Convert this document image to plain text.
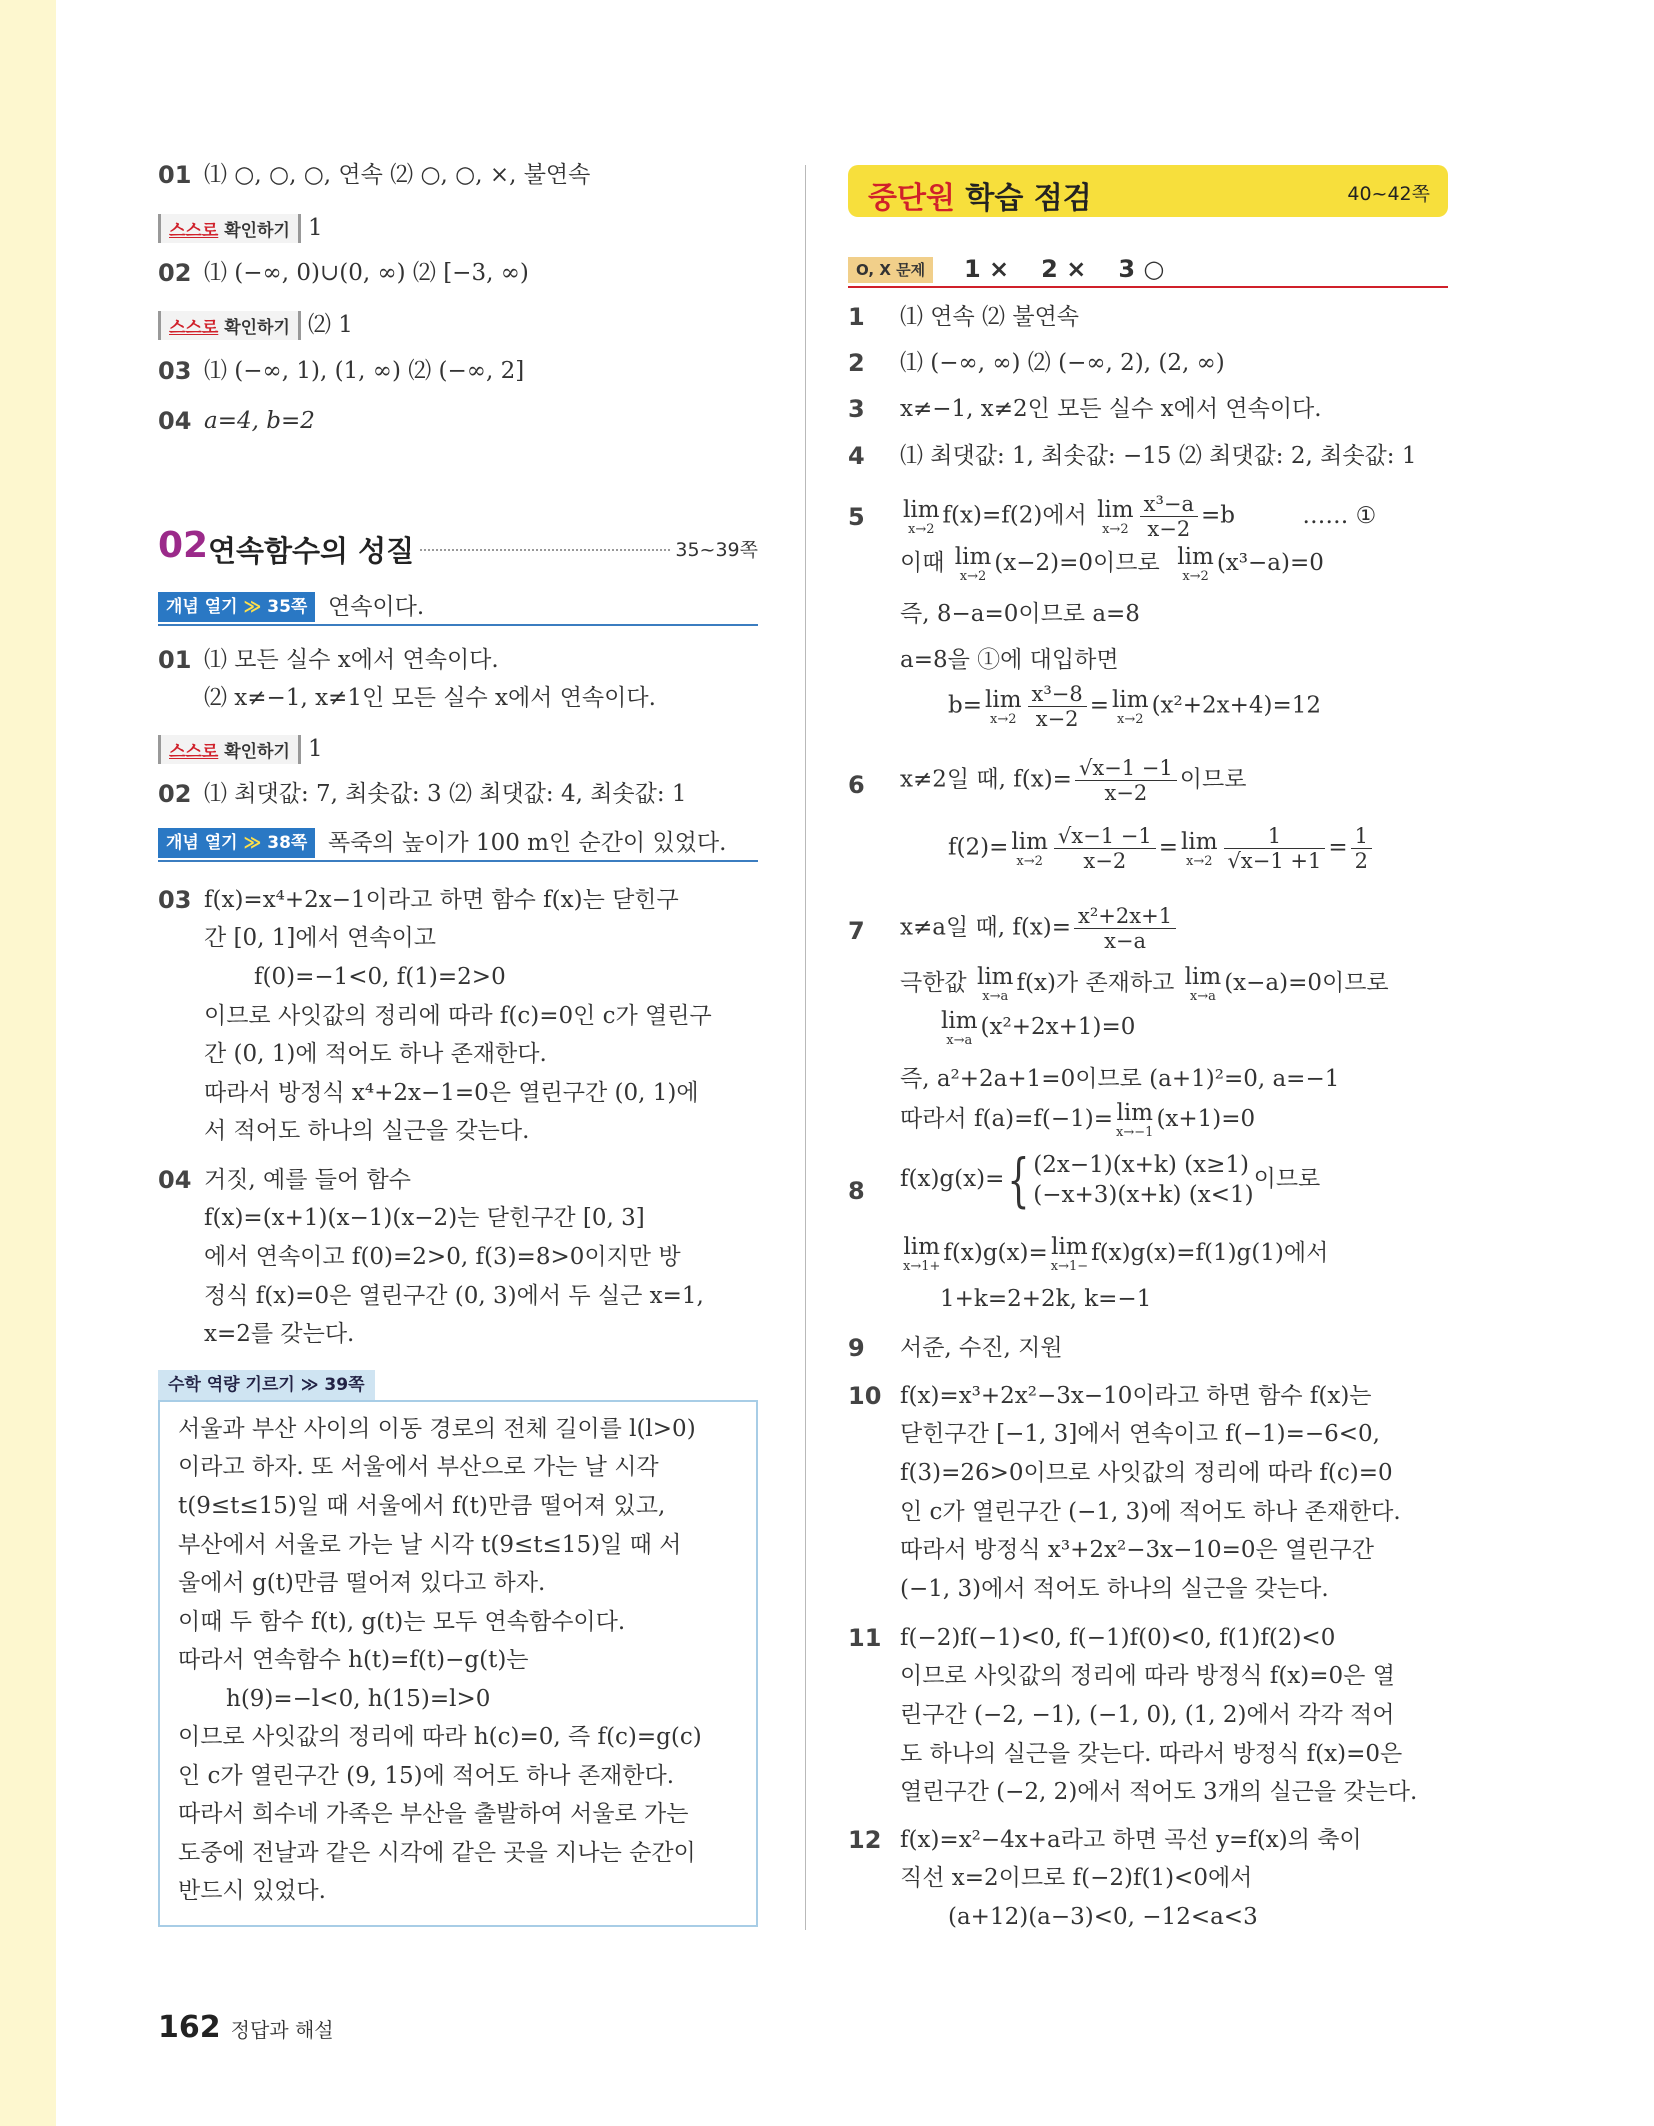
01 ⑴ ○, ○, ○, 연속 ⑵ ○, ○, ×, 불연속
스스로 확인하기 1
02 ⑴ (−∞, 0)∪(0, ∞) ⑵ [−3, ∞)
스스로 확인하기 ⑵ 1
03 ⑴ (−∞, 1), (1, ∞) ⑵ (−∞, 2]
04 a=4, b=2
02 연속함수의 성질	35~39쪽
개념 열기 ≫ 35쪽 연속이다.
01 ⑴ 모든 실수 x에서 연속이다.
⑵ x≠−1, x≠1인 모든 실수 x에서 연속이다.
스스로 확인하기 1
02 ⑴ 최댓값: 7, 최솟값: 3 ⑵ 최댓값: 4, 최솟값: 1
개념 열기 ≫ 38쪽 폭죽의 높이가 100 m인 순간이 있었다.
03 f(x)=x⁴+2x−1이라고 하면 함수 f(x)는 닫힌구
간 [0, 1]에서 연속이고
f(0)=−1<0, f(1)=2>0
이므로 사잇값의 정리에 따라 f(c)=0인 c가 열린구
간 (0, 1)에 적어도 하나 존재한다.
따라서 방정식 x⁴+2x−1=0은 열린구간 (0, 1)에
서 적어도 하나의 실근을 갖는다.
04 거짓, 예를 들어 함수
f(x)=(x+1)(x−1)(x−2)는 닫힌구간 [0, 3]
에서 연속이고 f(0)=2>0, f(3)=8>0이지만 방
정식 f(x)=0은 열린구간 (0, 3)에서 두 실근 x=1,
x=2를 갖는다.
수학 역량 기르기 ≫ 39쪽
서울과 부산 사이의 이동 경로의 전체 길이를 l(l>0)
이라고 하자. 또 서울에서 부산으로 가는 날 시각
t(9≤t≤15)일 때 서울에서 f(t)만큼 떨어져 있고,
부산에서 서울로 가는 날 시각 t(9≤t≤15)일 때 서
울에서 g(t)만큼 떨어져 있다고 하자.
이때 두 함수 f(t), g(t)는 모두 연속함수이다.
따라서 연속함수 h(t)=f(t)−g(t)는
h(9)=−l<0, h(15)=l>0
이므로 사잇값의 정리에 따라 h(c)=0, 즉 f(c)=g(c)
인 c가 열린구간 (9, 15)에 적어도 하나 존재한다.
따라서 희수네 가족은 부산을 출발하여 서울로 가는
도중에 전날과 같은 시각에 같은 곳을 지나는 순간이
반드시 있었다.
중단원 학습 점검	40~42쪽
O, X 문제	1 × 2 × 3 ○
1 ⑴ 연속 ⑵ 불연속
2 ⑴ (−∞, ∞) ⑵ (−∞, 2), (2, ∞)
3 x≠−1, x≠2인 모든 실수 x에서 연속이다.
4 ⑴ 최댓값: 1, 최솟값: −15 ⑵ 최댓값: 2, 최솟값: 1
5 lim
x→2
f(x)=f(2)에서 lim
$x\to 2 \frac{\text{x³−a}}{x-2} =b$	…… ①
이때 lim
x→2
(x−2)=0이므로 lim
x→2
(x³−a)=0
즉, 8−a=0이므로 a=8
a=8을 ①에 대입하면
b= lim
$x\to 2 \frac{\text{x³−8}}{x-2} = \lim$
x→2
(x²+2x+4)=12
6 x≠2일 때, $f(x)= \frac{√x-1 -1}{x-2}$ 이므로
f(2)= lim
$x\to 2 \frac{√x-1 -1}{x-2} = \lim$
$x\to 2 \frac{1}{√x-1 +1} = \frac{1}{2}$
7 x≠a일 때, $f(x)= \frac{\text{x²+2x+1}}{x-a}$
극한값 lim
x→a
f(x)가 존재하고 lim
x→a
(x−a)=0이므로
lim
x→a
(x²+2x+1)=0
즉, a²+2a+1=0이므로 (a+1)²=0, a=−1
따라서 f(a)=f(−1)= lim
x→−1
(x+1)=0
8 f(x)g(x)={ (2x−1)(x+k) (x≥1)
(−x+3)(x+k) (x<1)
이므로
lim
x→1+
f(x)g(x)= lim
x→1−
f(x)g(x)=f(1)g(1)에서
1+k=2+2k, k=−1
9 서준, 수진, 지원
10 f(x)=x³+2x²−3x−10이라고 하면 함수 f(x)는
닫힌구간 [−1, 3]에서 연속이고 f(−1)=−6<0,
f(3)=26>0이므로 사잇값의 정리에 따라 f(c)=0
인 c가 열린구간 (−1, 3)에 적어도 하나 존재한다.
따라서 방정식 x³+2x²−3x−10=0은 열린구간
(−1, 3)에서 적어도 하나의 실근을 갖는다.
11 f(−2)f(−1)<0, f(−1)f(0)<0, f(1)f(2)<0
이므로 사잇값의 정리에 따라 방정식 f(x)=0은 열
린구간 (−2, −1), (−1, 0), (1, 2)에서 각각 적어
도 하나의 실근을 갖는다. 따라서 방정식 f(x)=0은
열린구간 (−2, 2)에서 적어도 3개의 실근을 갖는다.
12 f(x)=x²−4x+a라고 하면 곡선 y=f(x)의 축이
직선 x=2이므로 f(−2)f(1)<0에서
(a+12)(a−3)<0, −12<a<3
162 정답과 해설
